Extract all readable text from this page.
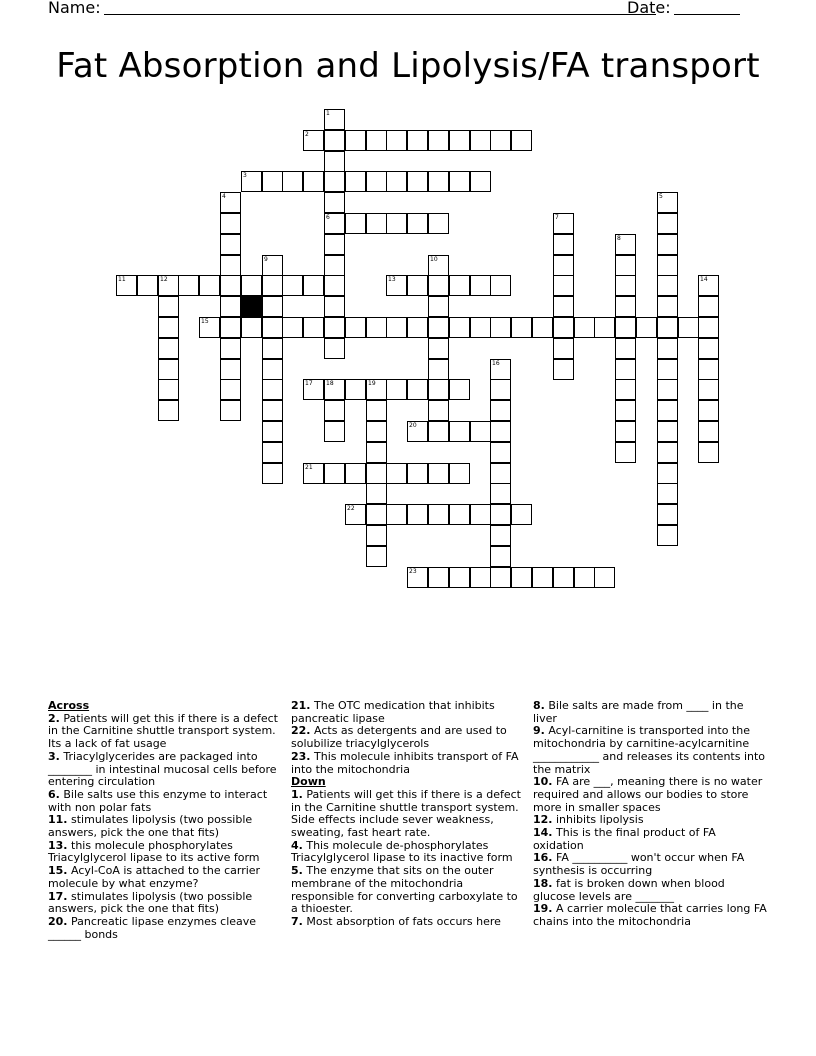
Name:	Date:
Fat Absorption and Lipolysis/FA transport
1
6
2
3
4	5
7
8
9	10
11	12	13	14
15
16
17 18	19
20
21
22
23
Across
2. Patients will get this if there is a defect in the Carnitine shuttle transport system. Its a lack of fat usage
3. Triacylglycerides are packaged into ________ in intestinal mucosal cells before entering circulation
6. Bile salts use this enzyme to interact with non polar fats
11. stimulates lipolysis (two possible answers, pick the one that fits)
13. this molecule phosphorylates Triacylglycerol lipase to its active form
15. Acyl-CoA is attached to the carrier molecule by what enzyme?
17. stimulates lipolysis (two possible answers, pick the one that fits)
20. Pancreatic lipase enzymes cleave ______ bonds
21. The OTC medication that inhibits pancreatic lipase
22. Acts as detergents and are used to solubilize triacylglycerols
23. This molecule inhibits transport of FA into the mitochondria
Down
1. Patients will get this if there is a defect in the Carnitine shuttle transport system. Side effects include sever weakness, sweating, fast heart rate.
4. This molecule de-phosphorylates Triacylglycerol lipase to its inactive form
5. The enzyme that sits on the outer membrane of the mitochondria responsible for converting carboxylate to a thioester.
7. Most absorption of fats occurs here
8. Bile salts are made from ____ in the liver
9. Acyl-carnitine is transported into the mitochondria by carnitine-acylcarnitine ____________ and releases its contents into the matrix
10. FA are ___, meaning there is no water required and allows our bodies to store more in smaller spaces
12. inhibits lipolysis
14. This is the final product of FA oxidation
16. FA __________ won't occur when FA synthesis is occurring
18. fat is broken down when blood glucose levels are _______
19. A carrier molecule that carries long FA chains into the mitochondria
